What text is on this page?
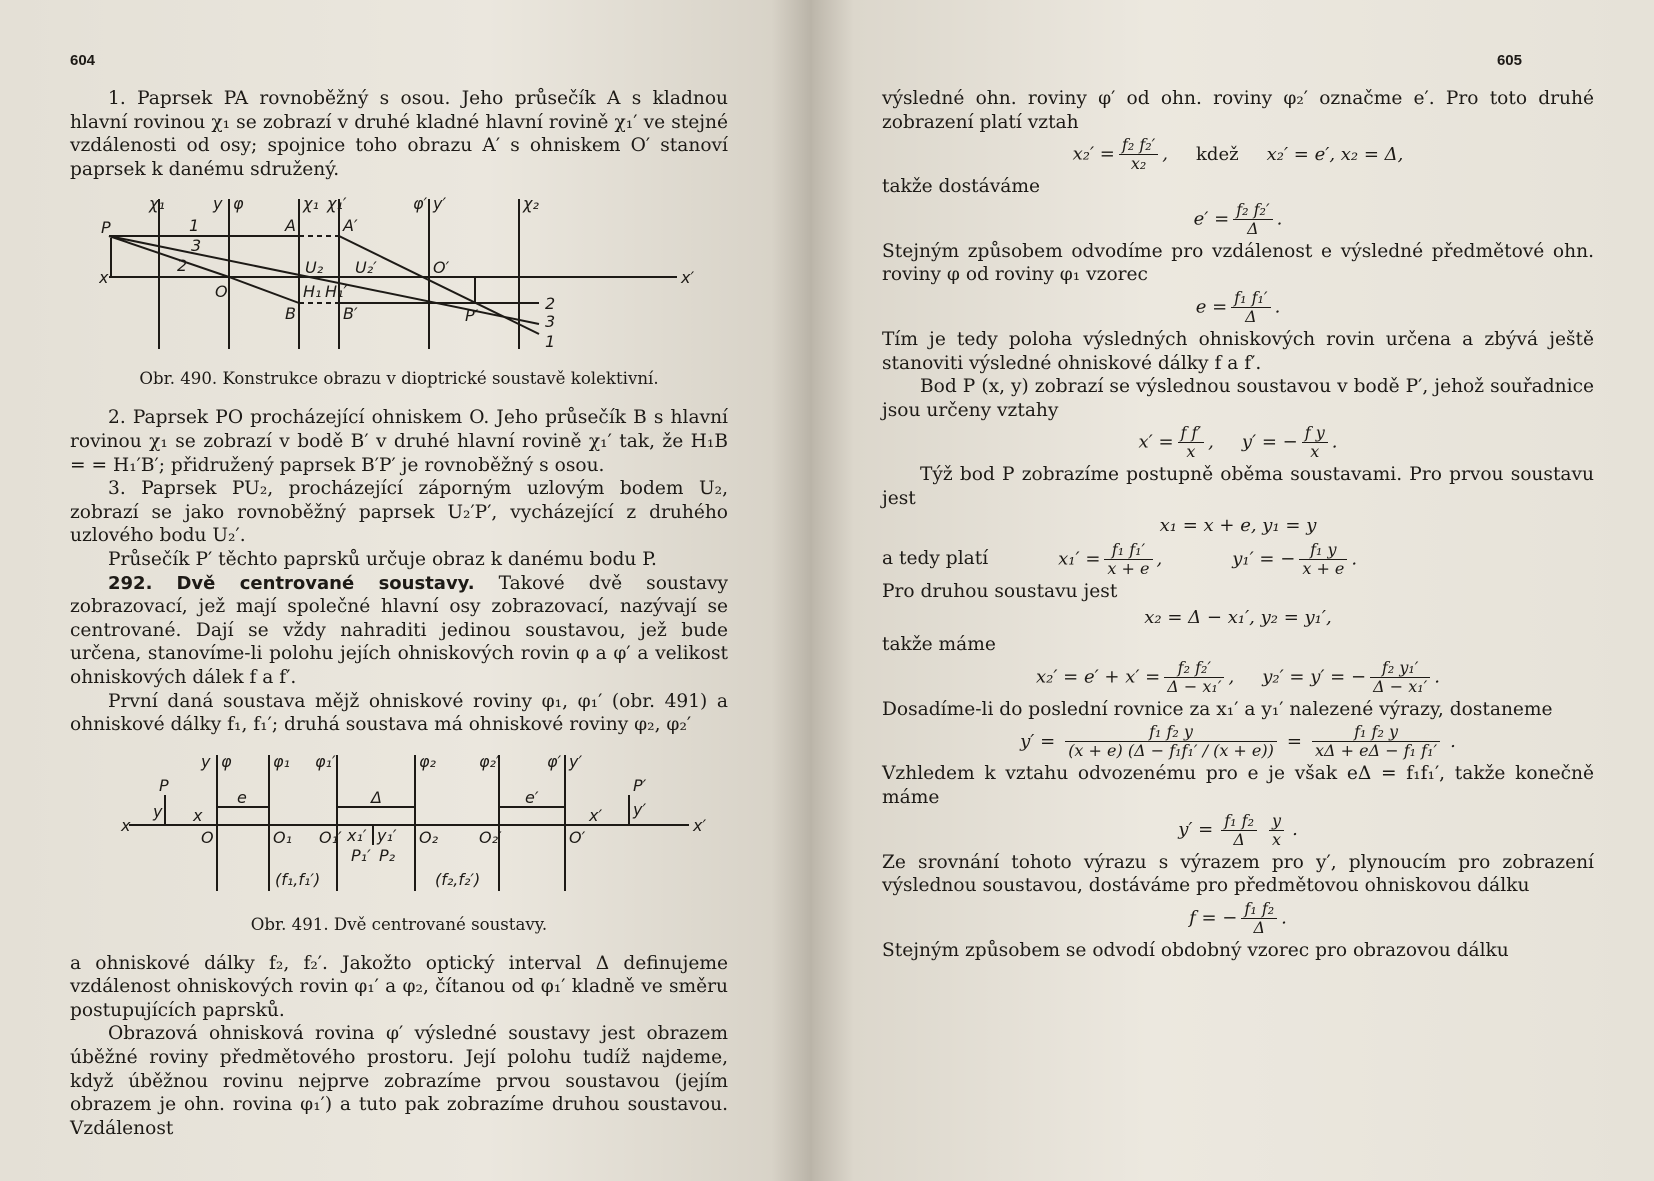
604

1. Paprsek PA rovnoběžný s osou. Jeho průsečík A s kladnou hlavní rovinou χ₁ se zobrazí v druhé kladné hlavní rovině χ₁′ ve stejné vzdálenosti od osy; spojnice toho obrazu A′ s ohniskem O′ stanoví paprsek k danému sdružený.

χ₁	y φ	χ₁ χ₁′	φ′ y′	χ₂
P	1
3
2
A	A′
U₂ U₂′	O′
x	x′
O	H₁ H₁′
B	B′	P′
2
3
1
Obr. 490. Konstrukce obrazu v dioptrické soustavě kolektivní.

2. Paprsek PO procházející ohniskem O. Jeho průsečík B s hlavní rovinou χ₁ se zobrazí v bodě B′ v druhé hlavní rovině χ₁′ tak, že H₁B = = H₁′B′; přidružený paprsek B′P′ je rovnoběžný s osou.

3. Paprsek PU₂, procházející záporným uzlovým bodem U₂, zobrazí se jako rovnoběžný paprsek U₂′P′, vycházející z druhého uzlového bodu U₂′.

Průsečík P′ těchto paprsků určuje obraz k danému bodu P.

292. Dvě centrované soustavy. Takové dvě soustavy zobrazovací, jež mají společné hlavní osy zobrazovací, nazývají se centrované. Dají se vždy nahraditi jedinou soustavou, jež bude určena, stanovíme-li polohu jejích ohniskových rovin φ a φ′ a velikost ohniskových dálek f a f′.

První daná soustava mějž ohniskové roviny φ₁, φ₁′ (obr. 491) a ohniskové dálky f₁, f₁′; druhá soustava má ohniskové roviny φ₂, φ₂′

y φ	φ₁ φ₁′	φ₂	φ₂′	φ′ y′
P
y x
e	Δ	e′
P′
y′
x′
x
O	O₁ O₁′ x₁′ y₁′
P₁′ P₂
O₂	O₂′	O′
x′
(f₁,f₁′)	(f₂,f₂′)
Obr. 491. Dvě centrované soustavy.

a ohniskové dálky f₂, f₂′. Jakožto optický interval Δ definujeme vzdálenost ohniskových rovin φ₁′ a φ₂, čítanou od φ₁′ kladně ve směru postupujících paprsků.

Obrazová ohnisková rovina φ′ výsledné soustavy jest obrazem úběžné roviny předmětového prostoru. Její polohu tudíž najdeme, když úběžnou rovinu nejprve zobrazíme prvou soustavou (jejím obrazem je ohn. rovina φ₁′) a tuto pak zobrazíme druhou soustavou. Vzdálenost

605

výsledné ohn. roviny φ′ od ohn. roviny φ₂′ označme e′. Pro toto druhé zobrazení platí vztah

$x_2' = \frac{\text{f₂ f₂′}}{\text{x₂}}$ , kdež x₂′ = e′, x₂ = Δ,

takže dostáváme

$e' = \frac{\text{f₂ f₂′}}{\Delta}$ .

Stejným způsobem odvodíme pro vzdálenost e výsledné předmětové ohn. roviny φ od roviny φ₁ vzorec

$e = \frac{\text{f₁ f₁′}}{\Delta}$ .

Tím je tedy poloha výsledných ohniskových rovin určena a zbývá ještě stanoviti výsledné ohniskové dálky f a f′.

Bod P (x, y) zobrazí se výslednou soustavou v bodě P′, jehož souřadnice jsou určeny vztahy

$x' = \frac{\text{f f′}}{x}$ , y′ = − $\frac{\text{f y}}{x}$ .

Týž bod P zobrazíme postupně oběma soustavami. Pro prvou soustavu jest

x₁ = x + e, y₁ = y
a tedy platí	$x_1' = \frac{\text{f₁ f₁′}}{x + e}$ ,	y₁′ = − $\frac{\text{f₁ y}}{x + e}$ .

Pro druhou soustavu jest

x₂ = Δ − x₁′, y₂ = y₁′,

takže máme

$x_2' = e' + x' = \frac{\text{f₂ f₂′}}{\text{Δ − x₁′}}$ , y₂′ = y′ = − $\frac{\text{f₂ y₁′}}{\text{Δ − x₁′}}$ .

Dosadíme-li do poslední rovnice za x₁′ a y₁′ nalezené výrazy, dostaneme

$y' = \frac{\text{f₁ f₂ y}}{\text{(x + e) (Δ − f₁f₁′ / (x + e))}} = \frac{\text{f₁ f₂ y}}{\text{xΔ + eΔ − f₁ f₁′}}$ .

Vzhledem k vztahu odvozenému pro e je však eΔ = f₁f₁′, takže konečně máme

$y' = \frac{\text{f₁ f₂}}{\Delta} \frac{y}{x}$ .

Ze srovnání tohoto výrazu s výrazem pro y′, plynoucím pro zobrazení výslednou soustavou, dostáváme pro předmětovou ohniskovou dálku

f = − $\frac{\text{f₁ f₂}}{\Delta}$ .

Stejným způsobem se odvodí obdobný vzorec pro obrazovou dálku
